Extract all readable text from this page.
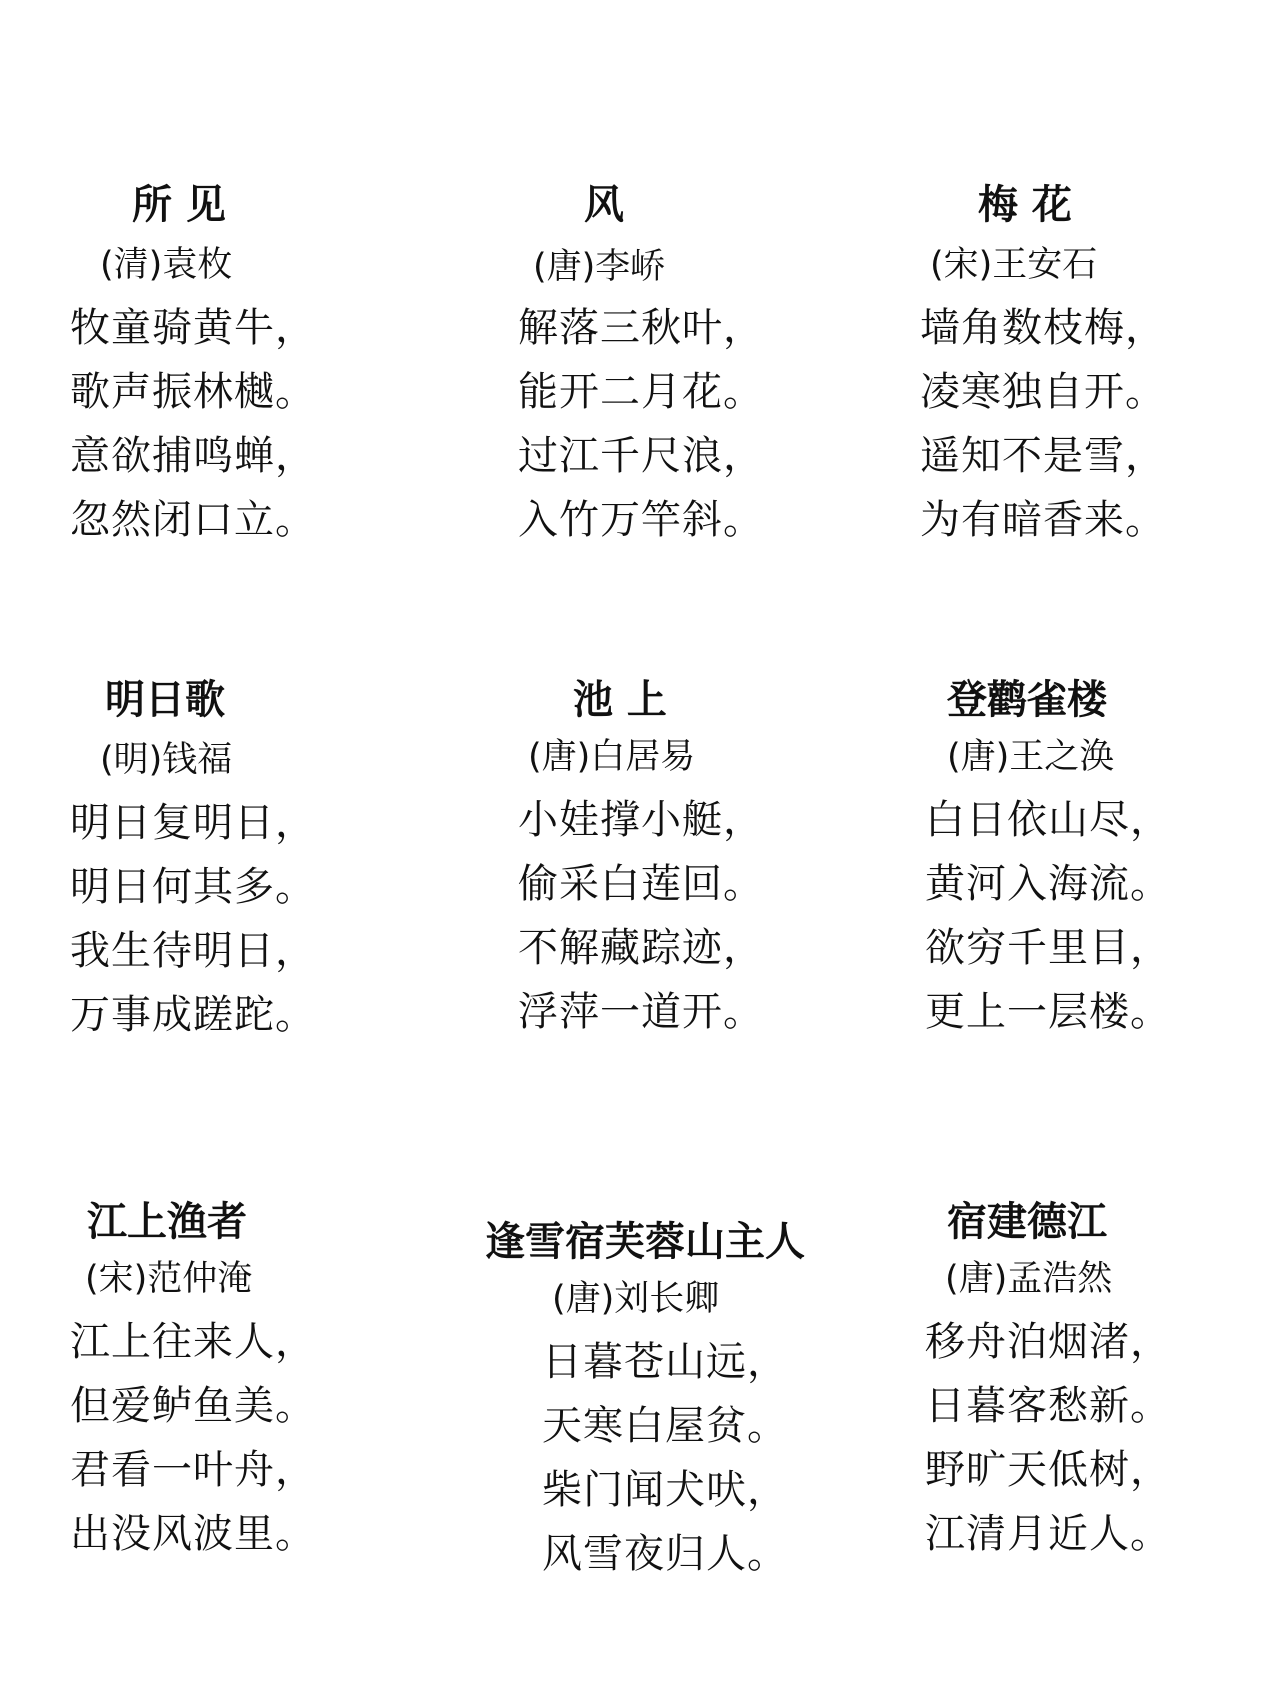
所 见
(清)袁枚
牧童骑黄牛，
歌声振林樾。
意欲捕鸣蝉，
忽然闭口立。
风
(唐)李峤
解落三秋叶，
能开二月花。
过江千尺浪，
入竹万竿斜。
梅 花
(宋)王安石
墙角数枝梅，
凌寒独自开。
遥知不是雪，
为有暗香来。
明日歌
(明)钱福
明日复明日，
明日何其多。
我生待明日，
万事成蹉跎。
池 上
(唐)白居易
小娃撑小艇，
偷采白莲回。
不解藏踪迹，
浮萍一道开。
登鹳雀楼
(唐)王之涣
白日依山尽，
黄河入海流。
欲穷千里目，
更上一层楼。
江上渔者
(宋)范仲淹
江上往来人，
但爱鲈鱼美。
君看一叶舟，
出没风波里。
逢雪宿芙蓉山主人
(唐)刘长卿
日暮苍山远，
天寒白屋贫。
柴门闻犬吠，
风雪夜归人。
宿建德江
(唐)孟浩然
移舟泊烟渚，
日暮客愁新。
野旷天低树，
江清月近人。
